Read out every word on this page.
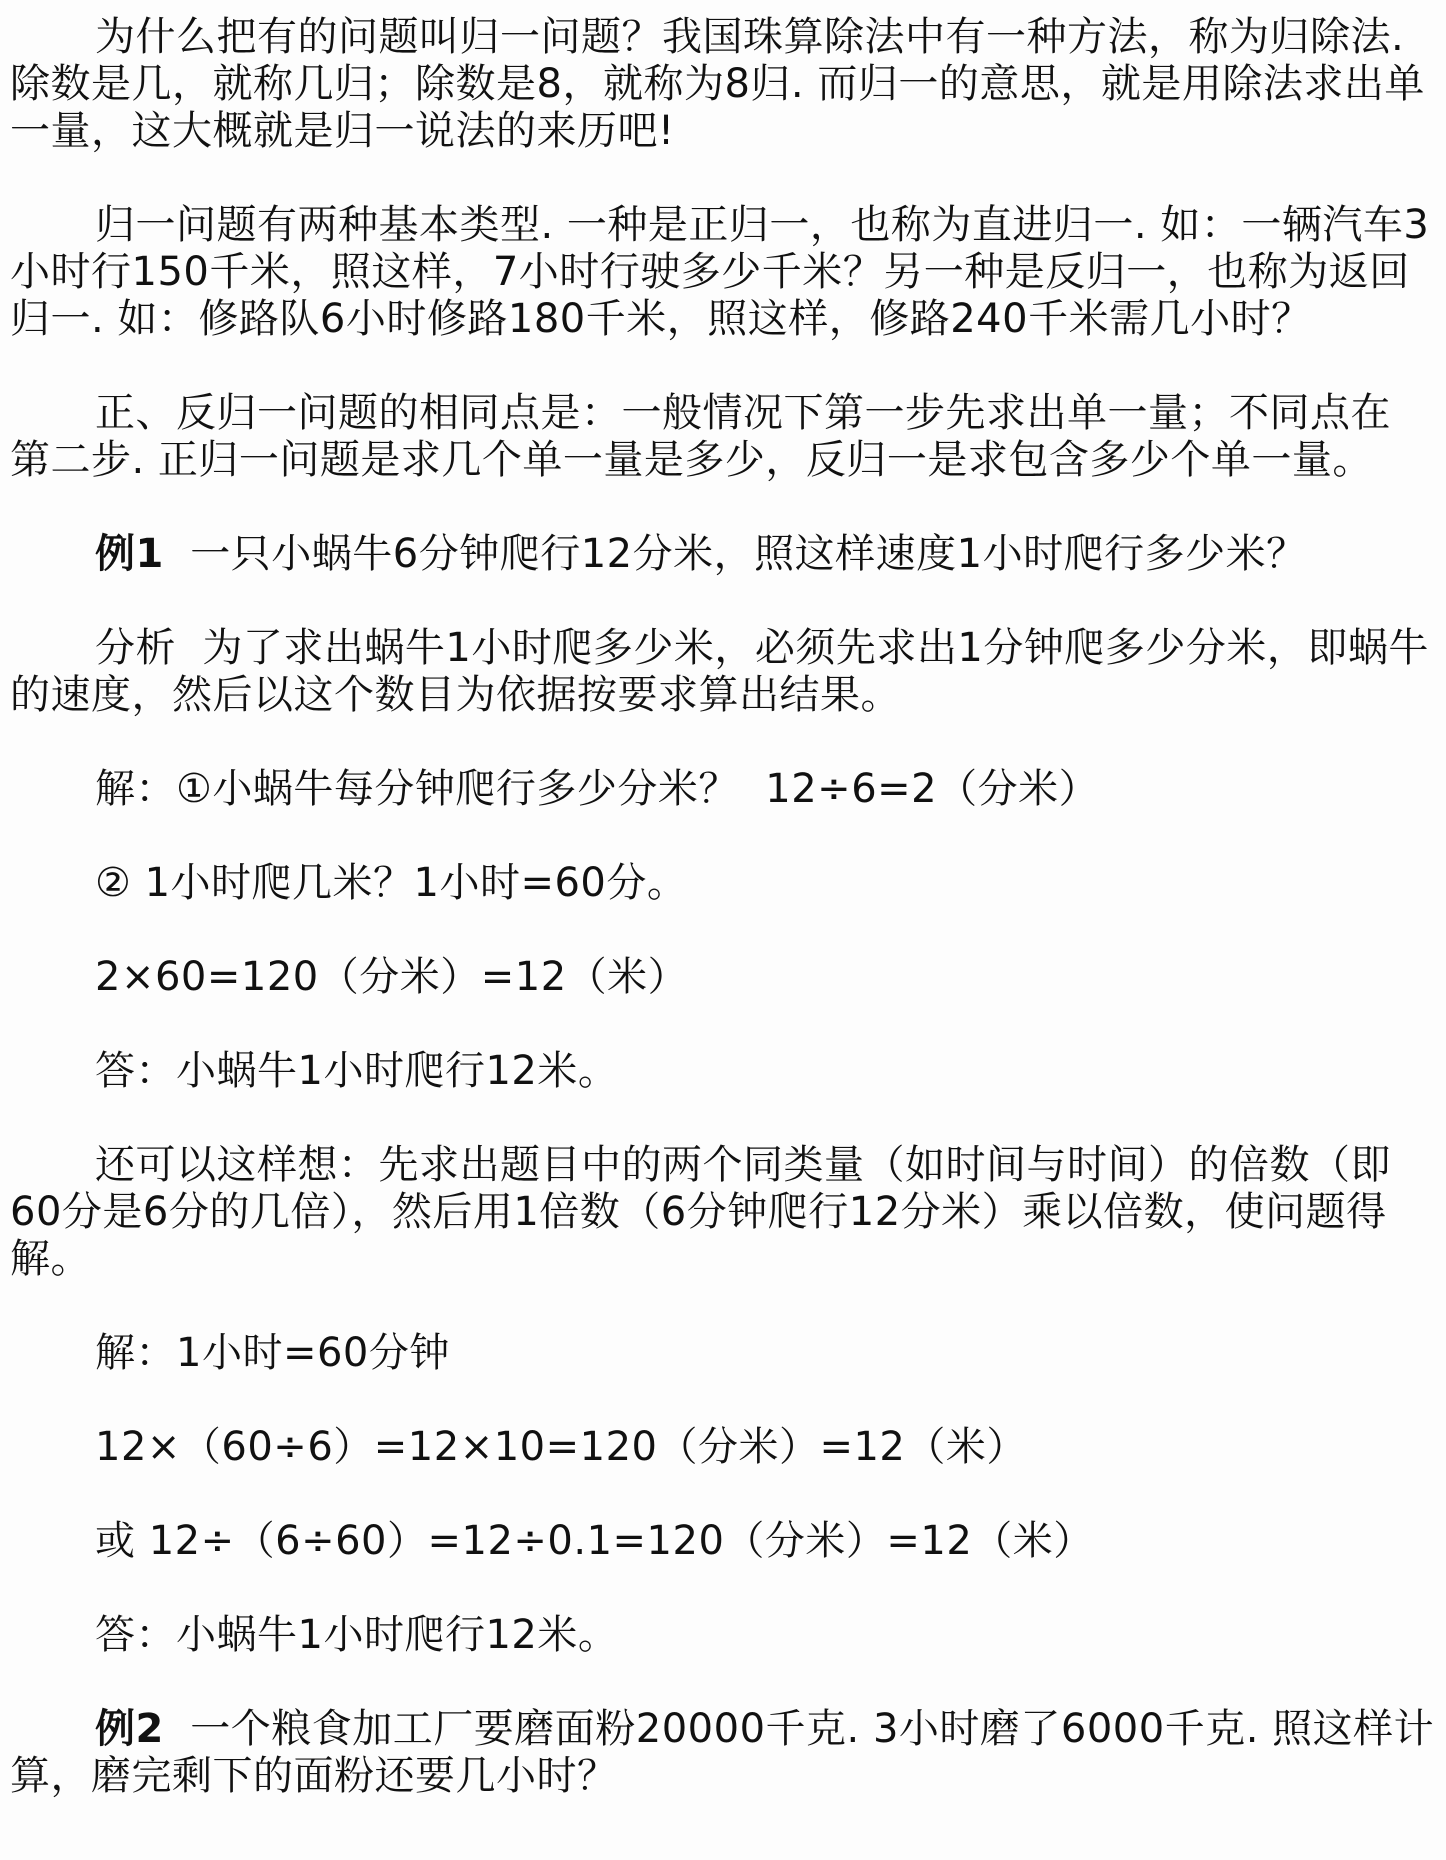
为什么把有的问题叫归一问题？我国珠算除法中有一种方法，称为归除法.
除数是几，就称几归；除数是8，就称为8归. 而归一的意思，就是用除法求出单
一量，这大概就是归一说法的来历吧!
归一问题有两种基本类型. 一种是正归一，也称为直进归一. 如：一辆汽车3
小时行150千米，照这样，7小时行驶多少千米？另一种是反归一，也称为返回
归一. 如：修路队6小时修路180千米，照这样，修路240千米需几小时？
正、反归一问题的相同点是：一般情况下第一步先求出单一量；不同点在
第二步. 正归一问题是求几个单一量是多少，反归一是求包含多少个单一量。
例1  一只小蜗牛6分钟爬行12分米，照这样速度1小时爬行多少米？
分析  为了求出蜗牛1小时爬多少米，必须先求出1分钟爬多少分米，即蜗牛
的速度，然后以这个数目为依据按要求算出结果。
解：①小蜗牛每分钟爬行多少分米？  12÷6=2（分米）
② 1小时爬几米？1小时=60分。
2×60=120（分米）=12（米）
答：小蜗牛1小时爬行12米。
还可以这样想：先求出题目中的两个同类量（如时间与时间）的倍数（即
60分是6分的几倍），然后用1倍数（6分钟爬行12分米）乘以倍数，使问题得
解。
解：1小时=60分钟
12×（60÷6）=12×10=120（分米）=12（米）
或 12÷（6÷60）=12÷0.1=120（分米）=12（米）
答：小蜗牛1小时爬行12米。
例2  一个粮食加工厂要磨面粉20000千克. 3小时磨了6000千克. 照这样计
算，磨完剩下的面粉还要几小时？
